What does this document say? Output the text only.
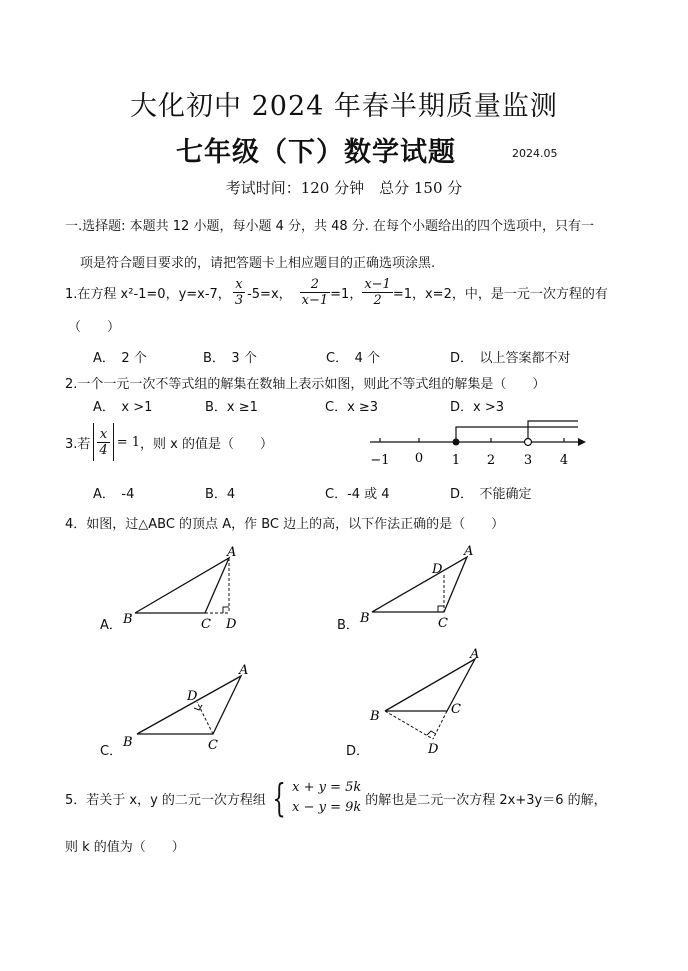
大化初中 2024 年春半期质量监测
七年级（下）数学试题	2024.05
考试时间：120 分钟　总分 150 分
一.选择题: 本题共 12 小题，每小题 4 分，共 48 分. 在每个小题给出的四个选项中，只有一
项是符合题目要求的，请把答题卡上相应题目的正确选项涂黑.
1.在方程 x²-1=0，y=x-7， $\frac{x}{3} -5=x$， $\frac{2}{x-1} =1$， $\frac{x-1}{2} =1$，x=2，中，是一元一次方程的有
（　　）
A．　2 个	B．　3 个	C．　4 个	D．　以上答案都不对
2.一个一元一次不等式组的解集在数轴上表示如图，则此不等式组的解集是（　　）
A．　x >1	B．x ≥1	C．x ≥3	D．x >3
−1 0 1 2 3 4
3.若 $\frac{x}{4} = 1$ ，则 x 的值是（　　）
A．　-4	B．4	C．-4 或 4	D．　不能确定
4．如图，过△ABC 的顶点 A，作 BC 边上的高，以下作法正确的是（　　）
A．
A
B	C D	B．
A
B	C
D
C．
A
B	C
D
D．
A
B	C
D
5．若关于 x，y 的二元一次方程组 { x + y = 5k
x − y = 9k 的解也是二元一次方程 2x+3y＝6 的解，
则 k 的值为（　　）
